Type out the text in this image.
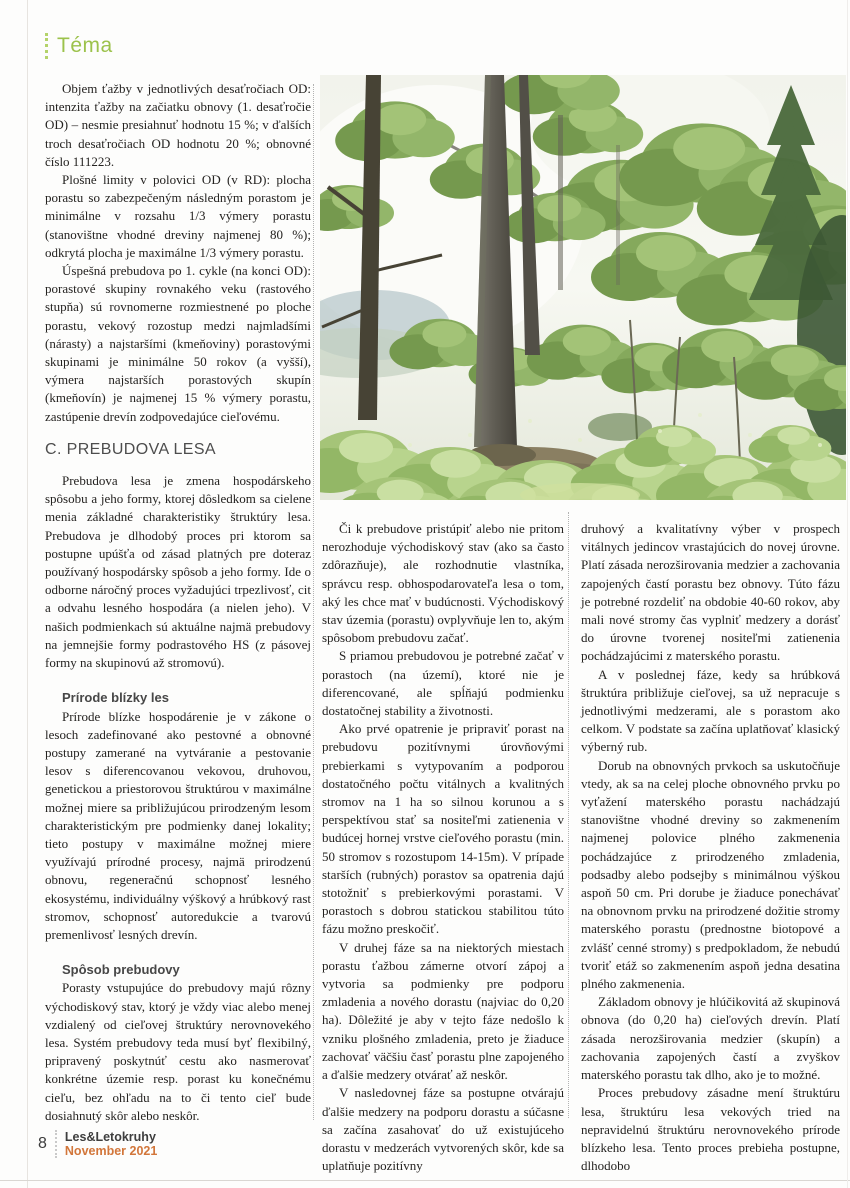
Téma

Objem ťažby v jednotlivých desaťročiach OD: intenzita ťažby na začiatku obnovy (1. desaťročie OD) – nesmie presiahnuť hodnotu 15 %; v ďalších troch desaťročiach OD hodnotu 20 %; obnovné číslo 111223.

Plošné limity v polovici OD (v RD): plocha porastu so zabezpečeným následným porastom je minimálne v rozsahu 1/3 výmery porastu (stanovištne vhodné dreviny najmenej 80 %); odkrytá plocha je maximálne 1/3 výmery porastu.

Úspešná prebudova po 1. cykle (na konci OD): porastové skupiny rovnakého veku (rastového stupňa) sú rovnomerne rozmiestnené po ploche porastu, vekový rozostup medzi najmladšími (nárasty) a najstaršími (kmeňoviny) porastovými skupinami je minimálne 50 rokov (a vyšší), výmera najstarších porastových skupín (kmeňovín) je najmenej 15 % výmery porastu, zastúpenie drevín zodpovedajúce cieľovému.

C. PREBUDOVA LESA

Prebudova lesa je zmena hospodárskeho spôsobu a jeho formy, ktorej dôsledkom sa cielene menia základné charakteristiky štruktúry lesa. Prebudova je dlhodobý proces pri ktorom sa postupne upúšťa od zásad platných pre doteraz používaný hospodársky spôsob a jeho formy. Ide o odborne náročný proces vyžadujúci trpezlivosť, cit a odvahu lesného hospodára (a nielen jeho). V našich podmienkach sú aktuálne najmä prebudovy na jemnejšie formy podrastového HS (z pásovej formy na skupinovú až stromovú).

Prírode blízky les

Prírode blízke hospodárenie je v zákone o lesoch zadefinované ako pestovné a obnovné postupy zamerané na vytváranie a pestovanie lesov s diferencovanou vekovou, druhovou, genetickou a priestorovou štruktúrou v maximálne možnej miere sa približujúcou prirodzeným lesom charakteristickým pre podmienky danej lokality; tieto postupy v maximálne možnej miere využívajú prírodné procesy, najmä prirodzenú obnovu, regeneračnú schopnosť lesného ekosystému, individuálny výškový a hrúbkový rast stromov, schopnosť autoredukcie a tvarovú premenlivosť lesných drevín.

Spôsob prebudovy

Porasty vstupujúce do prebudovy majú rôzny východiskový stav, ktorý je vždy viac alebo menej vzdialený od cieľovej štruktúry nerovnovekého lesa. Systém prebudovy teda musí byť flexibilný, pripravený poskytnúť cestu ako nasmerovať konkrétne územie resp. porast ku konečnému cieľu, bez ohľadu na to či tento cieľ bude dosiahnutý skôr alebo neskôr.

Či k prebudove pristúpiť alebo nie pritom nerozhoduje východiskový stav (ako sa často zdôrazňuje), ale rozhodnutie vlastníka, správcu resp. obhospodarovateľa lesa o tom, aký les chce mať v budúcnosti. Východiskový stav územia (porastu) ovplyvňuje len to, akým spôsobom prebudovu začať.

S priamou prebudovou je potrebné začať v porastoch (na území), ktoré nie je diferencované, ale spĺňajú podmienku dostatočnej stability a životnosti.

Ako prvé opatrenie je pripraviť porast na prebudovu pozitívnymi úrovňovými prebierkami s vytypovaním a podporou dostatočného počtu vitálnych a kvalitných stromov na 1 ha so silnou korunou a s perspektívou stať sa nositeľmi zatienenia v budúcej hornej vrstve cieľového porastu (min. 50 stromov s rozostupom 14-15m). V prípade starších (rubných) porastov sa opatrenia dajú stotožniť s prebierkovými porastami. V porastoch s dobrou statickou stabilitou túto fázu možno preskočiť.

V druhej fáze sa na niektorých miestach porastu ťažbou zámerne otvorí zápoj a vytvoria sa podmienky pre podporu zmladenia a nového dorastu (najviac do 0,20 ha). Dôležité je aby v tejto fáze nedošlo k vzniku plošného zmladenia, preto je žiaduce zachovať väčšiu časť porastu plne zapojeného a ďalšie medzery otvárať až neskôr.

V nasledovnej fáze sa postupne otvárajú ďalšie medzery na podporu dorastu a súčasne sa začína zasahovať do už existujúceho dorastu v medzerách vytvorených skôr, kde sa uplatňuje pozitívny

druhový a kvalitatívny výber v prospech vitálnych jedincov vrastajúcich do novej úrovne. Platí zásada nerozširovania medzier a zachovania zapojených častí porastu bez obnovy. Túto fázu je potrebné rozdeliť na obdobie 40-60 rokov, aby mali nové stromy čas vyplniť medzery a dorásť do úrovne tvorenej nositeľmi zatienenia pochádzajúcimi z materského porastu.

A v poslednej fáze, kedy sa hrúbková štruktúra približuje cieľovej, sa už nepracuje s jednotlivými medzerami, ale s porastom ako celkom. V podstate sa začína uplatňovať klasický výberný rub.

Dorub na obnovných prvkoch sa uskutočňuje vtedy, ak sa na celej ploche obnovného prvku po vyťažení materského porastu nachádzajú stanovištne vhodné dreviny so zakmenením najmenej polovice plného zakmenenia pochádzajúce z prirodzeného zmladenia, podsadby alebo podsejby s minimálnou výškou aspoň 50 cm. Pri dorube je žiaduce ponechávať na obnovnom prvku na prirodzené dožitie stromy materského porastu (prednostne biotopové a zvlášť cenné stromy) s predpokladom, že nebudú tvoriť etáž so zakmenením aspoň jedna desatina plného zakmenenia.

Základom obnovy je hlúčikovitá až skupinová obnova (do 0,20 ha) cieľových drevín. Platí zásada nerozširovania medzier (skupín) a zachovania zapojených častí a zvyškov materského porastu tak dlho, ako je to možné.

Proces prebudovy zásadne mení štruktúru lesa, štruktúru lesa vekových tried na nepravidelnú štruktúru nerovnovekého prírode blízkeho lesa. Tento proces prebieha postupne, dlhodobo

8 Les&Letokruhy
November 2021
